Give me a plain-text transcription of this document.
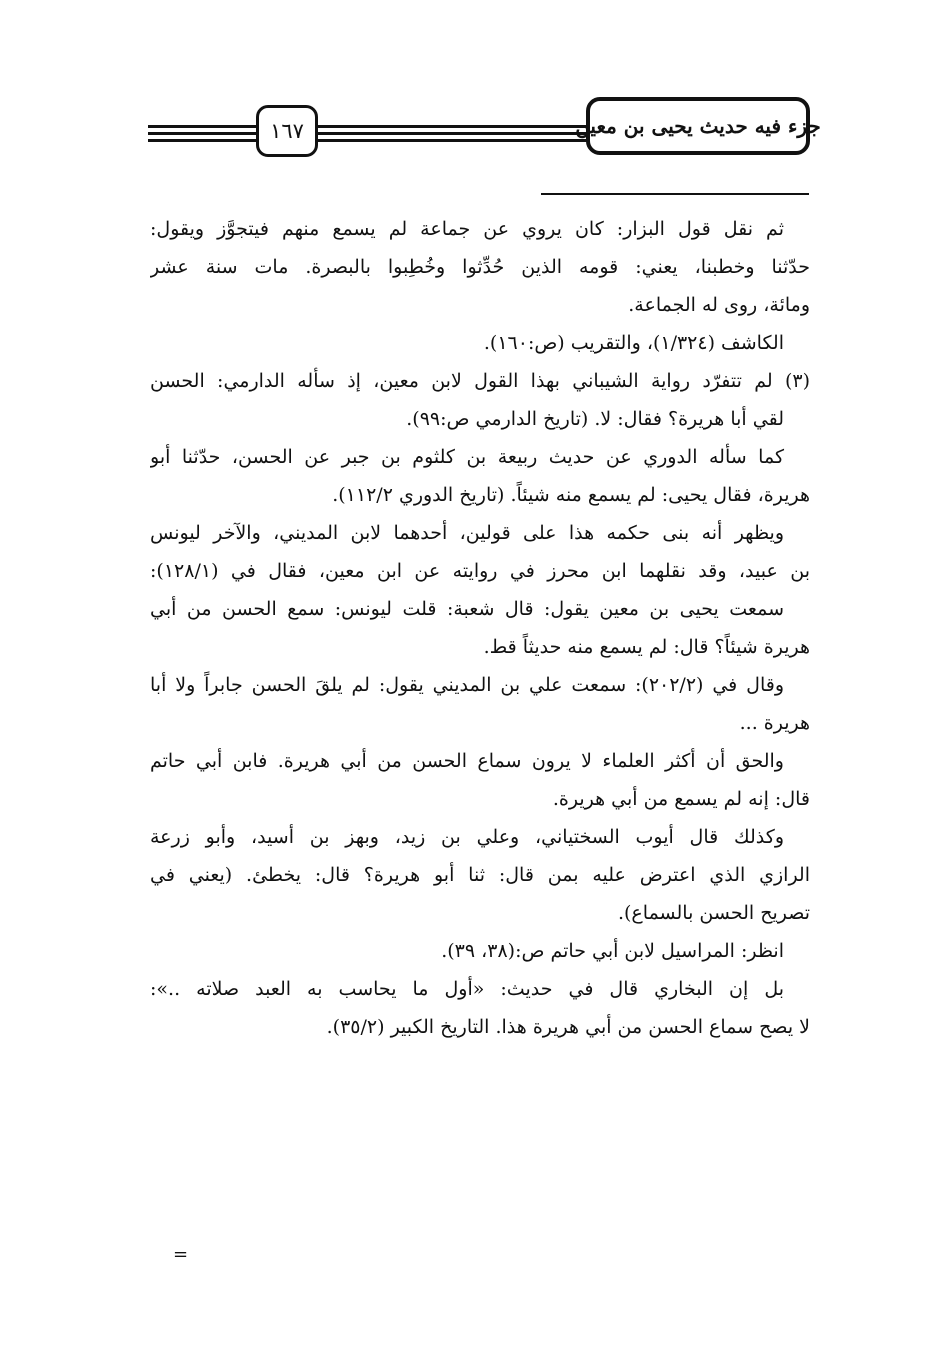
١٦٧	جزء فيه حديث يحيى بن معين
ثم نقل قول البزار: كان يروي عن جماعة لم يسمع منهم فيتجوَّز ويقول:
حدّثنا وخطبنا، يعني: قومه الذين حُدِّثوا وخُطِبوا بالبصرة. مات سنة عشر
ومائة، روى له الجماعة.
الكاشف (١/٣٢٤)، والتقريب (ص:١٦٠).
(٣) لم تتفرّد رواية الشيباني بهذا القول لابن معين، إذ سأله الدارمي: الحسن
لقي أبا هريرة؟ فقال: لا. (تاريخ الدارمي ص:٩٩).
كما سأله الدوري عن حديث ربيعة بن كلثوم بن جبر عن الحسن، حدّثنا أبو
هريرة، فقال يحيى: لم يسمع منه شيئاً. (تاريخ الدوري ١١٢/٢).
ويظهر أنه بنى حكمه هذا على قولين، أحدهما لابن المديني، والآخر ليونس
بن عبيد، وقد نقلهما ابن محرز في روايته عن ابن معين، فقال في (١٢٨/١):
سمعت يحيى بن معين يقول: قال شعبة: قلت ليونس: سمع الحسن من أبي
هريرة شيئاً؟ قال: لم يسمع منه حديثاً قط.
وقال في (٢٠٢/٢): سمعت علي بن المديني يقول: لم يلقَ الحسن جابراً ولا أبا
هريرة ...
والحق أن أكثر العلماء لا يرون سماع الحسن من أبي هريرة. فابن أبي حاتم
قال: إنه لم يسمع من أبي هريرة.
وكذلك قال أيوب السختياني، وعلي بن زيد، وبهز بن أسيد، وأبو زرعة
الرازي الذي اعترض عليه بمن قال: ثنا أبو هريرة؟ قال: يخطئ. (يعني في
تصريح الحسن بالسماع).
انظر: المراسيل لابن أبي حاتم ص:(٣٨، ٣٩).
بل إن البخاري قال في حديث: «أول ما يحاسب به العبد صلاته ..»:
لا يصح سماع الحسن من أبي هريرة هذا. التاريخ الكبير (٣٥/٢).
=
